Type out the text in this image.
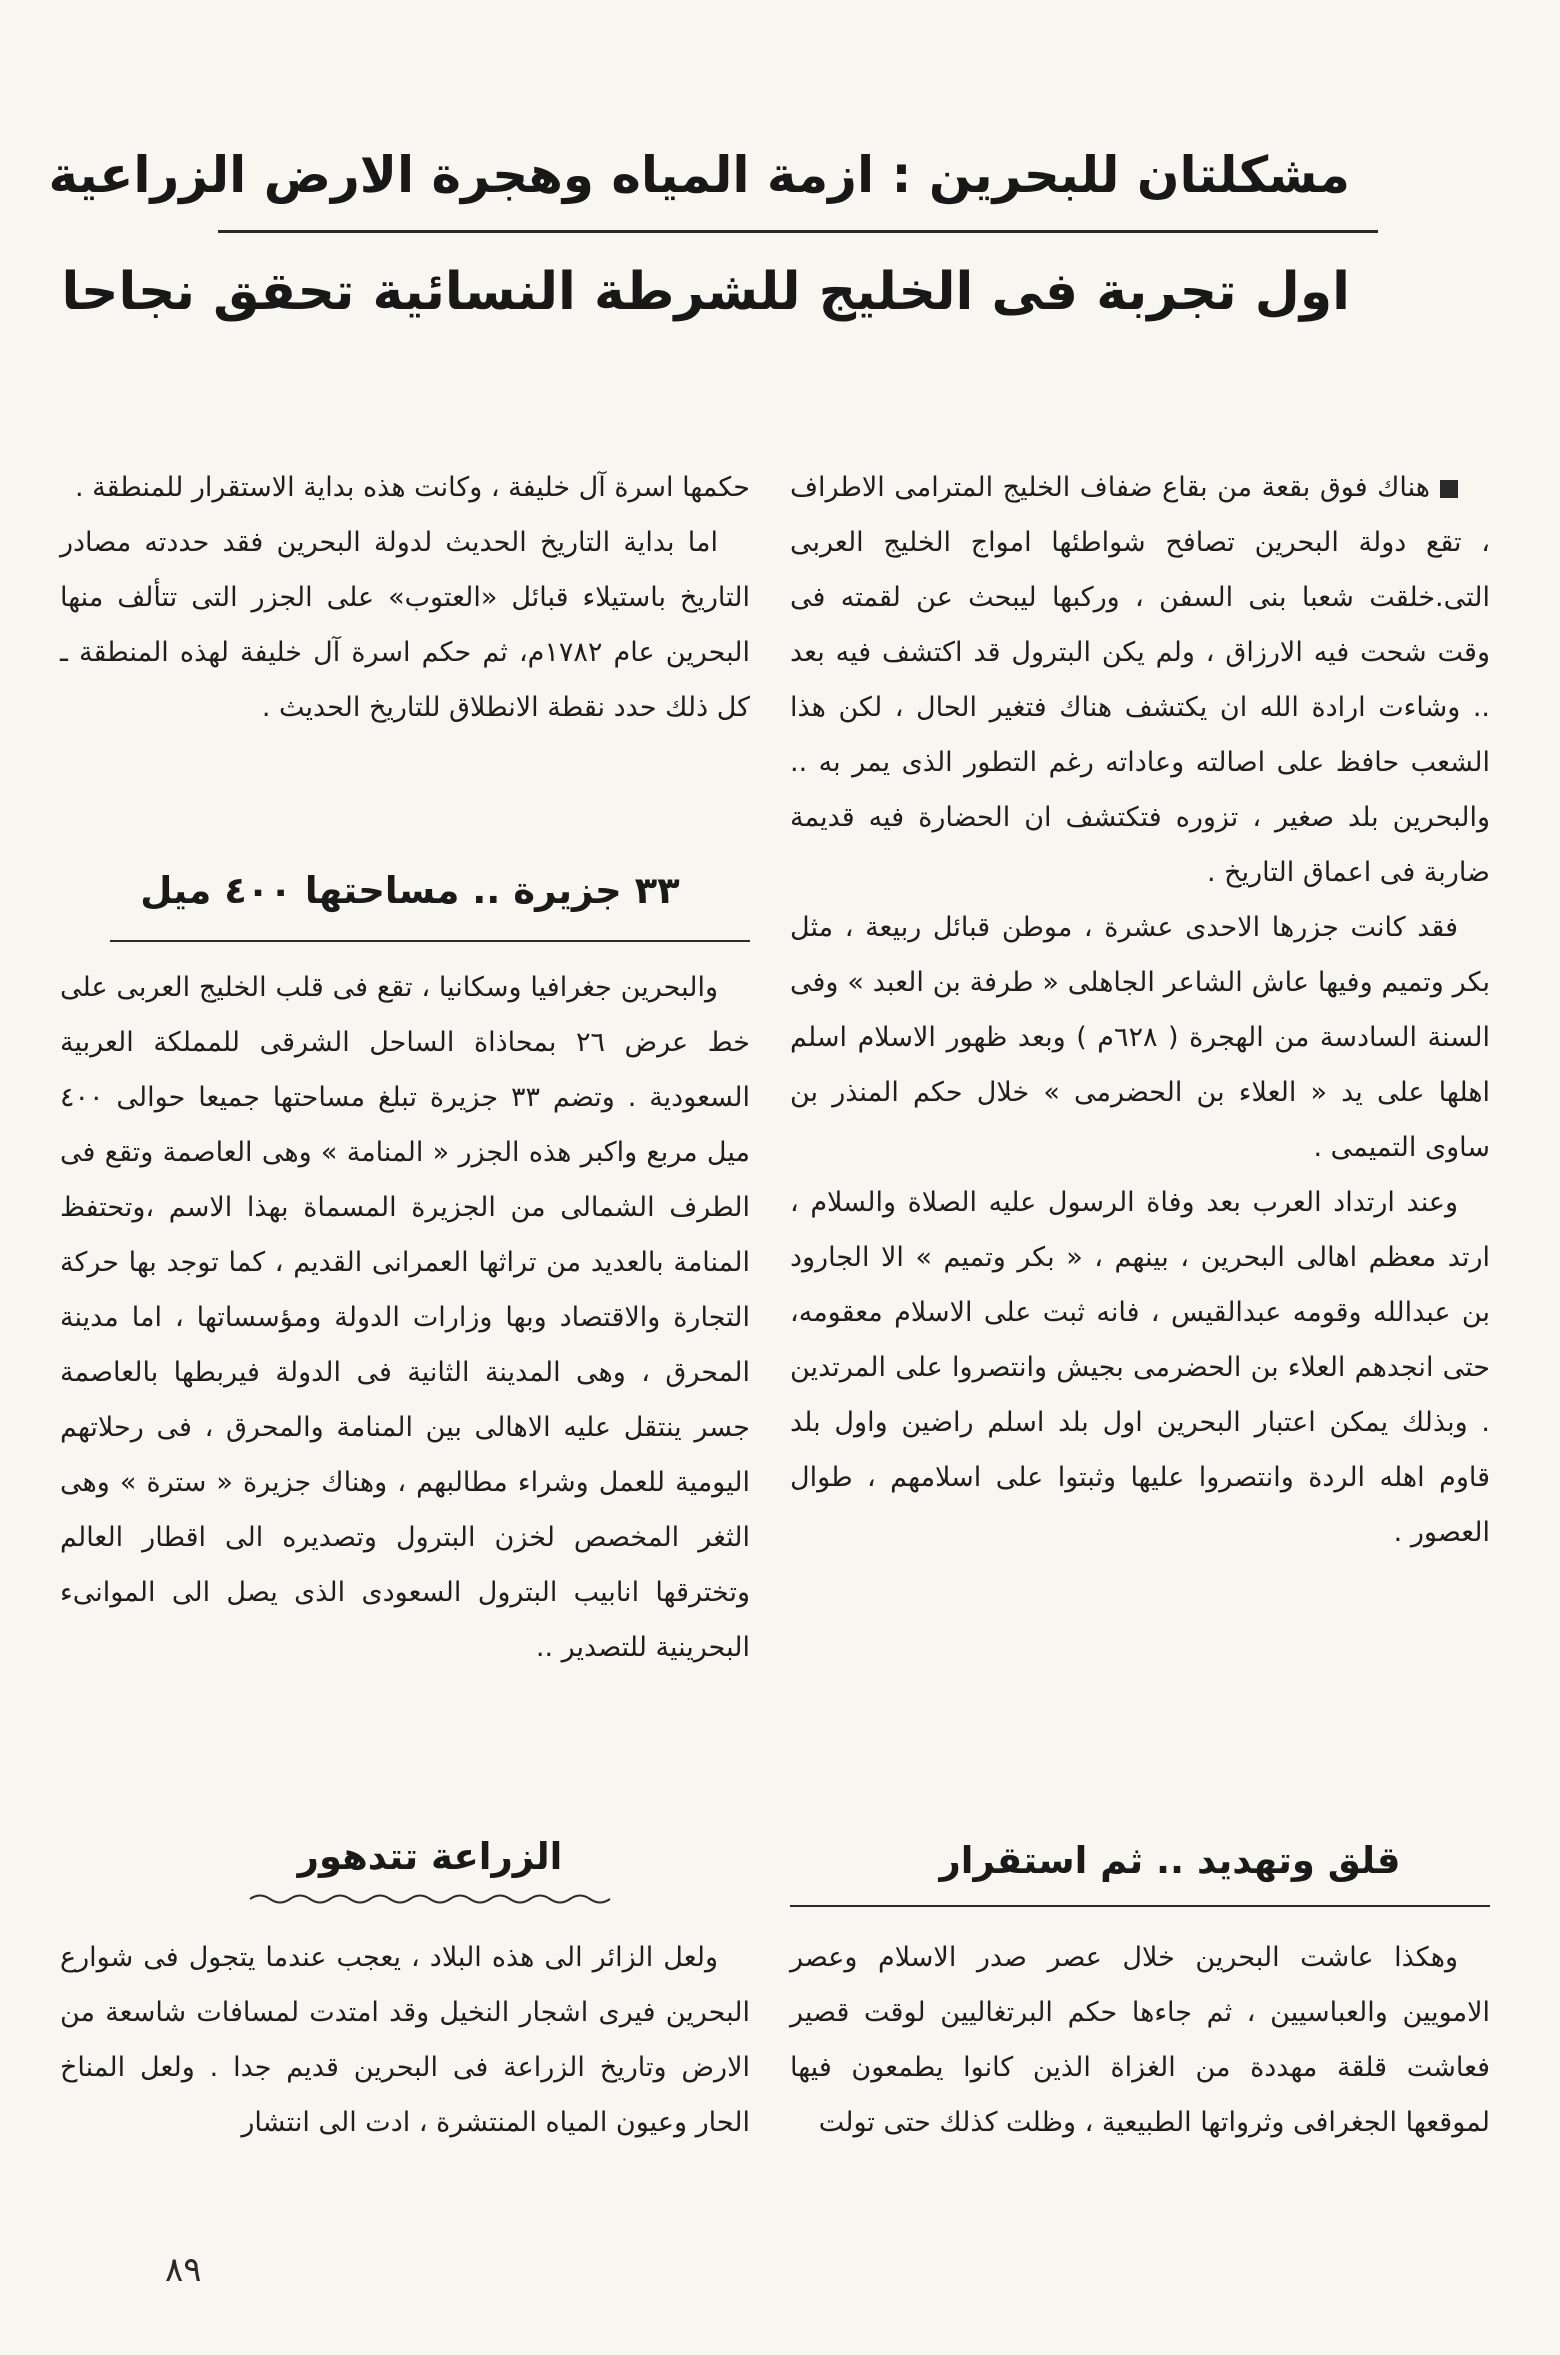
مشكلتان للبحرين : ازمة المياه وهجرة الارض الزراعية
اول تجربة فى الخليج للشرطة النسائية تحقق نجاحا

هناك فوق بقعة من بقاع ضفاف الخليج المترامى الاطراف ، تقع دولة البحرين تصافح شواطئها امواج الخليج العربى التى.خلقت شعبا بنى السفن ، وركبها ليبحث عن لقمته فى وقت شحت فيه الارزاق ، ولم يكن البترول قد اكتشف فيه بعد .. وشاءت ارادة الله ان يكتشف هناك فتغير الحال ، لكن هذا الشعب حافظ على اصالته وعاداته رغم التطور الذى يمر به .. والبحرين بلد صغير ، تزوره فتكتشف ان الحضارة فيه قديمة ضاربة فى اعماق التاريخ .

فقد كانت جزرها الاحدى عشرة ، موطن قبائل ربيعة ، مثل بكر وتميم وفيها عاش الشاعر الجاهلى « طرفة بن العبد » وفى السنة السادسة من الهجرة ( ٦٢٨م ) وبعد ظهور الاسلام اسلم اهلها على يد « العلاء بن الحضرمى » خلال حكم المنذر بن ساوى التميمى .

وعند ارتداد العرب بعد وفاة الرسول عليه الصلاة والسلام ، ارتد معظم اهالى البحرين ، بينهم ، « بكر وتميم » الا الجارود بن عبدالله وقومه عبدالقيس ، فانه ثبت على الاسلام معقومه، حتى انجدهم العلاء بن الحضرمى بجيش وانتصروا على المرتدين . وبذلك يمكن اعتبار البحرين اول بلد اسلم راضين واول بلد قاوم اهله الردة وانتصروا عليها وثبتوا على اسلامهم ، طوال العصور .

قلق وتهديد .. ثم استقرار

وهكذا عاشت البحرين خلال عصر صدر الاسلام وعصر الامويين والعباسيين ، ثم جاءها حكم البرتغاليين لوقت قصير فعاشت قلقة مهددة من الغزاة الذين كانوا يطمعون فيها لموقعها الجغرافى وثرواتها الطبيعية ، وظلت كذلك حتى تولت

حكمها اسرة آل خليفة ، وكانت هذه بداية الاستقرار للمنطقة .

اما بداية التاريخ الحديث لدولة البحرين فقد حددته مصادر التاريخ باستيلاء قبائل «العتوب» على الجزر التى تتألف منها البحرين عام ١٧٨٢م، ثم حكم اسرة آل خليفة لهذه المنطقة ـ كل ذلك حدد نقطة الانطلاق للتاريخ الحديث .

٣٣ جزيرة .. مساحتها ٤٠٠ ميل

والبحرين جغرافيا وسكانيا ، تقع فى قلب الخليج العربى على خط عرض ٢٦ بمحاذاة الساحل الشرقى للمملكة العربية السعودية . وتضم ٣٣ جزيرة تبلغ مساحتها جميعا حوالى ٤٠٠ ميل مربع واكبر هذه الجزر « المنامة » وهى العاصمة وتقع فى الطرف الشمالى من الجزيرة المسماة بهذا الاسم ،وتحتفظ المنامة بالعديد من تراثها العمرانى القديم ، كما توجد بها حركة التجارة والاقتصاد وبها وزارات الدولة ومؤسساتها ، اما مدينة المحرق ، وهى المدينة الثانية فى الدولة فيربطها بالعاصمة جسر ينتقل عليه الاهالى بين المنامة والمحرق ، فى رحلاتهم اليومية للعمل وشراء مطالبهم ، وهناك جزيرة « سترة » وهى الثغر المخصص لخزن البترول وتصديره الى اقطار العالم وتخترقها انابيب البترول السعودى الذى يصل الى الموانىء البحرينية للتصدير ..

الزراعة تتدهور

ولعل الزائر الى هذه البلاد ، يعجب عندما يتجول فى شوارع البحرين فيرى اشجار النخيل وقد امتدت لمسافات شاسعة من الارض وتاريخ الزراعة فى البحرين قديم جدا . ولعل المناخ الحار وعيون المياه المنتشرة ، ادت الى انتشار

٨٩
